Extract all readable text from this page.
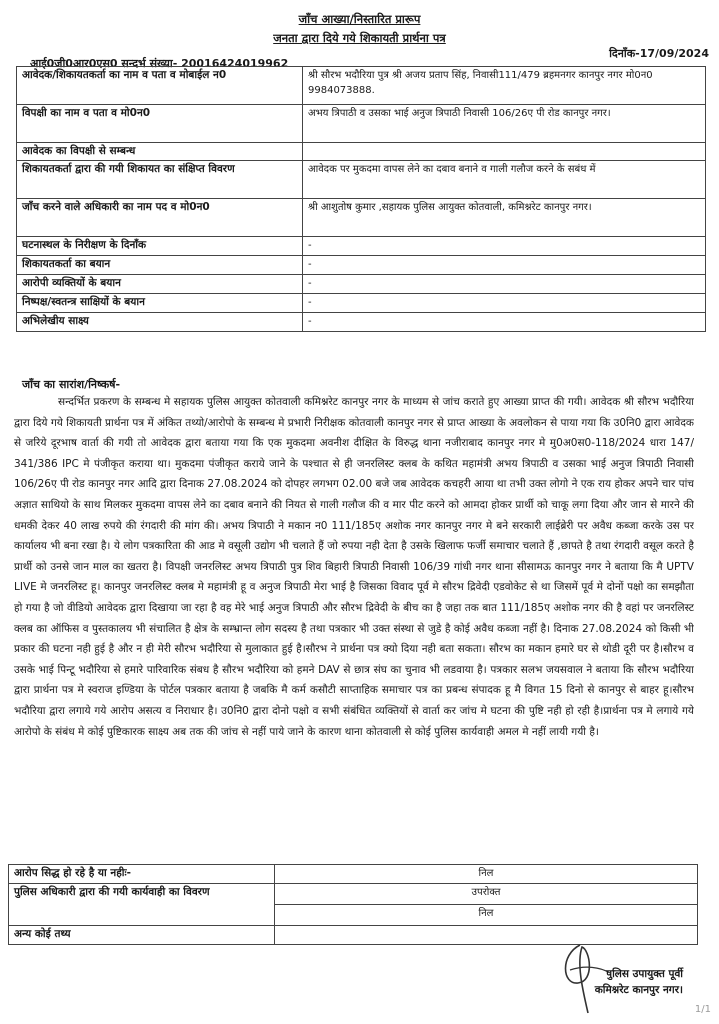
जाँच आख्या/निस्तारित प्रारूप
जनता द्वारा दिये गये शिकायती प्रार्थना पत्र
दिनाँक-17/09/2024
आई0जी0आर0एस0 सन्दर्भ संख्या- 20016424019962
आवेदक/शिकायतकर्ता का नाम व पता व मोबाईल न0	श्री सौरभ भदौरिया पुत्र श्री अजय प्रताप सिंह, निवासी111/479 ब्रहमनगर कानपुर नगर मो0न0 9984073888.
विपक्षी का नाम व पता व मो0न0	अभय त्रिपाठी व उसका भाई अनुज त्रिपाठी निवासी 106/26ए पी रोड कानपुर नगर।
आवेदक का विपक्षी से सम्बन्ध	
शिकायतकर्ता द्वारा की गयी शिकायत का संक्षिप्त विवरण	आवेदक पर मुकदमा वापस लेने का दबाव बनाने व गाली गलौज करने के सबंध में
जाँच करने वाले अधिकारी का नाम पद व मो0न0	श्री आशुतोष कुमार ,सहायक पुलिस आयुक्त कोतवाली, कमिश्नरेट कानपुर नगर।
घटनास्थल के निरीक्षण के दिनाँक	-
शिकायतकर्ता का बयान	-
आरोपी व्यक्तियों के बयान	-
निष्पक्ष/स्वतन्त्र साक्षियों के बयान	-
अभिलेखीय साक्ष्य	-
जाँच का सारांश/निष्कर्ष-

सन्दर्भित प्रकरण के सम्बन्ध मे सहायक पुलिस आयुक्त कोतवाली कमिश्नरेट कानपुर नगर के माध्यम से जांच कराते हुए आख्या प्राप्त की गयी। आवेदक श्री सौरभ भदौरिया द्वारा दिये गये शिकायती प्रार्थना पत्र में अंकित तथ्यो/आरोपो के सम्बन्ध मे प्रभारी निरीक्षक कोतवाली कानपुर नगर से प्राप्त आख्या के अवलोकन से पाया गया कि उ0नि0 द्वारा आवेदक से जरिये दूरभाष वार्ता की गयी तो आवेदक द्वारा बताया गया कि एक मुकदमा अवनीश दीक्षित के विरुद्ध थाना नजीराबाद कानपुर नगर मे मु0अ0स0-118/2024 धारा 147/ 341/386 IPC मे पंजीकृत कराया था। मुकदमा पंजीकृत कराये जाने के पश्चात से ही जनरलिस्ट क्लब के कथित महामंत्री अभय त्रिपाठी व उसका भाई अनुज त्रिपाठी निवासी 106/26ए पी रोड कानपुर नगर आदि द्वारा दिनाक 27.08.2024 को दोपहर लगभग 02.00 बजे जब आवेदक कचहरी आया था तभी उक्त लोगो ने एक राय होकर अपने चार पांच अज्ञात साथियो के साथ मिलकर मुकदमा वापस लेने का दबाव बनाने की नियत से गाली गलौज की व मार पीट करने को आमदा होकर प्रार्थी को चाकू लगा दिया और जान से मारने की धमकी देकर 40 लाख रुपये की रंगदारी की मांग की। अभय त्रिपाठी ने मकान न0 111/185ए अशोक नगर कानपुर नगर मे बने सरकारी लाईब्रेरी पर अवैध कब्जा करके उस पर कार्यालय भी बना रखा है। ये लोग पत्रकारिता की आड मे वसूली उद्योग भी चलाते हैं जो रुपया नही देता है उसके खिलाफ फर्जी समाचार चलाते हैं ,छापते है तथा रंगदारी वसूल करते है प्रार्थी को उनसे जान माल का खतरा है। विपक्षी जनरलिस्ट अभय त्रिपाठी पुत्र शिव बिहारी त्रिपाठी निवासी 106/39 गांधी नगर थाना सीसामऊ कानपुर नगर ने बताया कि मै UPTV LIVE मे जनरलिस्ट हू। कानपुर जनरलिस्ट क्लब मे महामंत्री हू व अनुज त्रिपाठी मेरा भाई है जिसका विवाद पूर्व मे सौरभ द्रिवेदी एडवोकेट से था जिसमें पूर्व मे दोनों पक्षो का समझौता हो गया है जो वीडियो आवेदक द्वारा दिखाया जा रहा है वह मेरे भाई अनुज त्रिपाठी और सौरभ द्रिवेदी के बीच का है जहा तक बात 111/185ए अशोक नगर की है वहां पर जनरलिस्ट क्लब का ऑफिस व पुस्तकालय भी संचालित है क्षेत्र के सम्भ्रान्त लोग सदस्य है तथा पत्रकार भी उक्त संस्था से जुडे है कोई अवैध कब्जा नहीं है। दिनाक 27.08.2024 को किसी भी प्रकार की घटना नही हुई है और न ही मेरी सौरभ भदौरिया से मुलाकात हुई है।सौरभ ने प्रार्थना पत्र क्यो दिया नही बता सकता। सौरभ का मकान हमारे घर से थोडी दूरी पर है।सौरभ व उसके भाई पिन्टू भदौरिया से हमारे पारिवारिक संबध है सौरभ भदौरिया को हमने DAV से छात्र संघ का चुनाव भी लडवाया है। पत्रकार सलभ जयसवाल ने बताया कि सौरभ भदौरिया द्वारा प्रार्थना पत्र मे स्वराज इण्डिया के पोर्टल पत्रकार बताया है जबकि मै कर्म कसौटी साप्ताहिक समाचार पत्र का प्रबन्ध संपादक हू मै विगत 15 दिनो से कानपुर से बाहर हू।सौरभ भदौरिया द्वारा लगाये गये आरोप असत्य व निराधार है। उ0नि0 द्वारा दोनो पक्षो व सभी संबंधित व्यक्तियों से वार्ता कर जांच मे घटना की पुष्टि नही हो रही है।प्रार्थना पत्र मे लगाये गये आरोपो के संबंध मे कोई पुष्टिकारक साक्ष्य अब तक की जांच से नहीं पाये जाने के कारण थाना कोतवाली से कोई पुलिस कार्यवाही अमल मे नहीं लायी गयी है।

आरोप सिद्ध हो रहे है या नहीः-	निल
पुलिस अधिकारी द्वारा की गयी कार्यवाही का विवरण	उपरोक्त
	निल
अन्य कोई तथ्य	
पुलिस उपायुक्त पूर्वी
कमिश्नरेट कानपुर नगर।
1/1
